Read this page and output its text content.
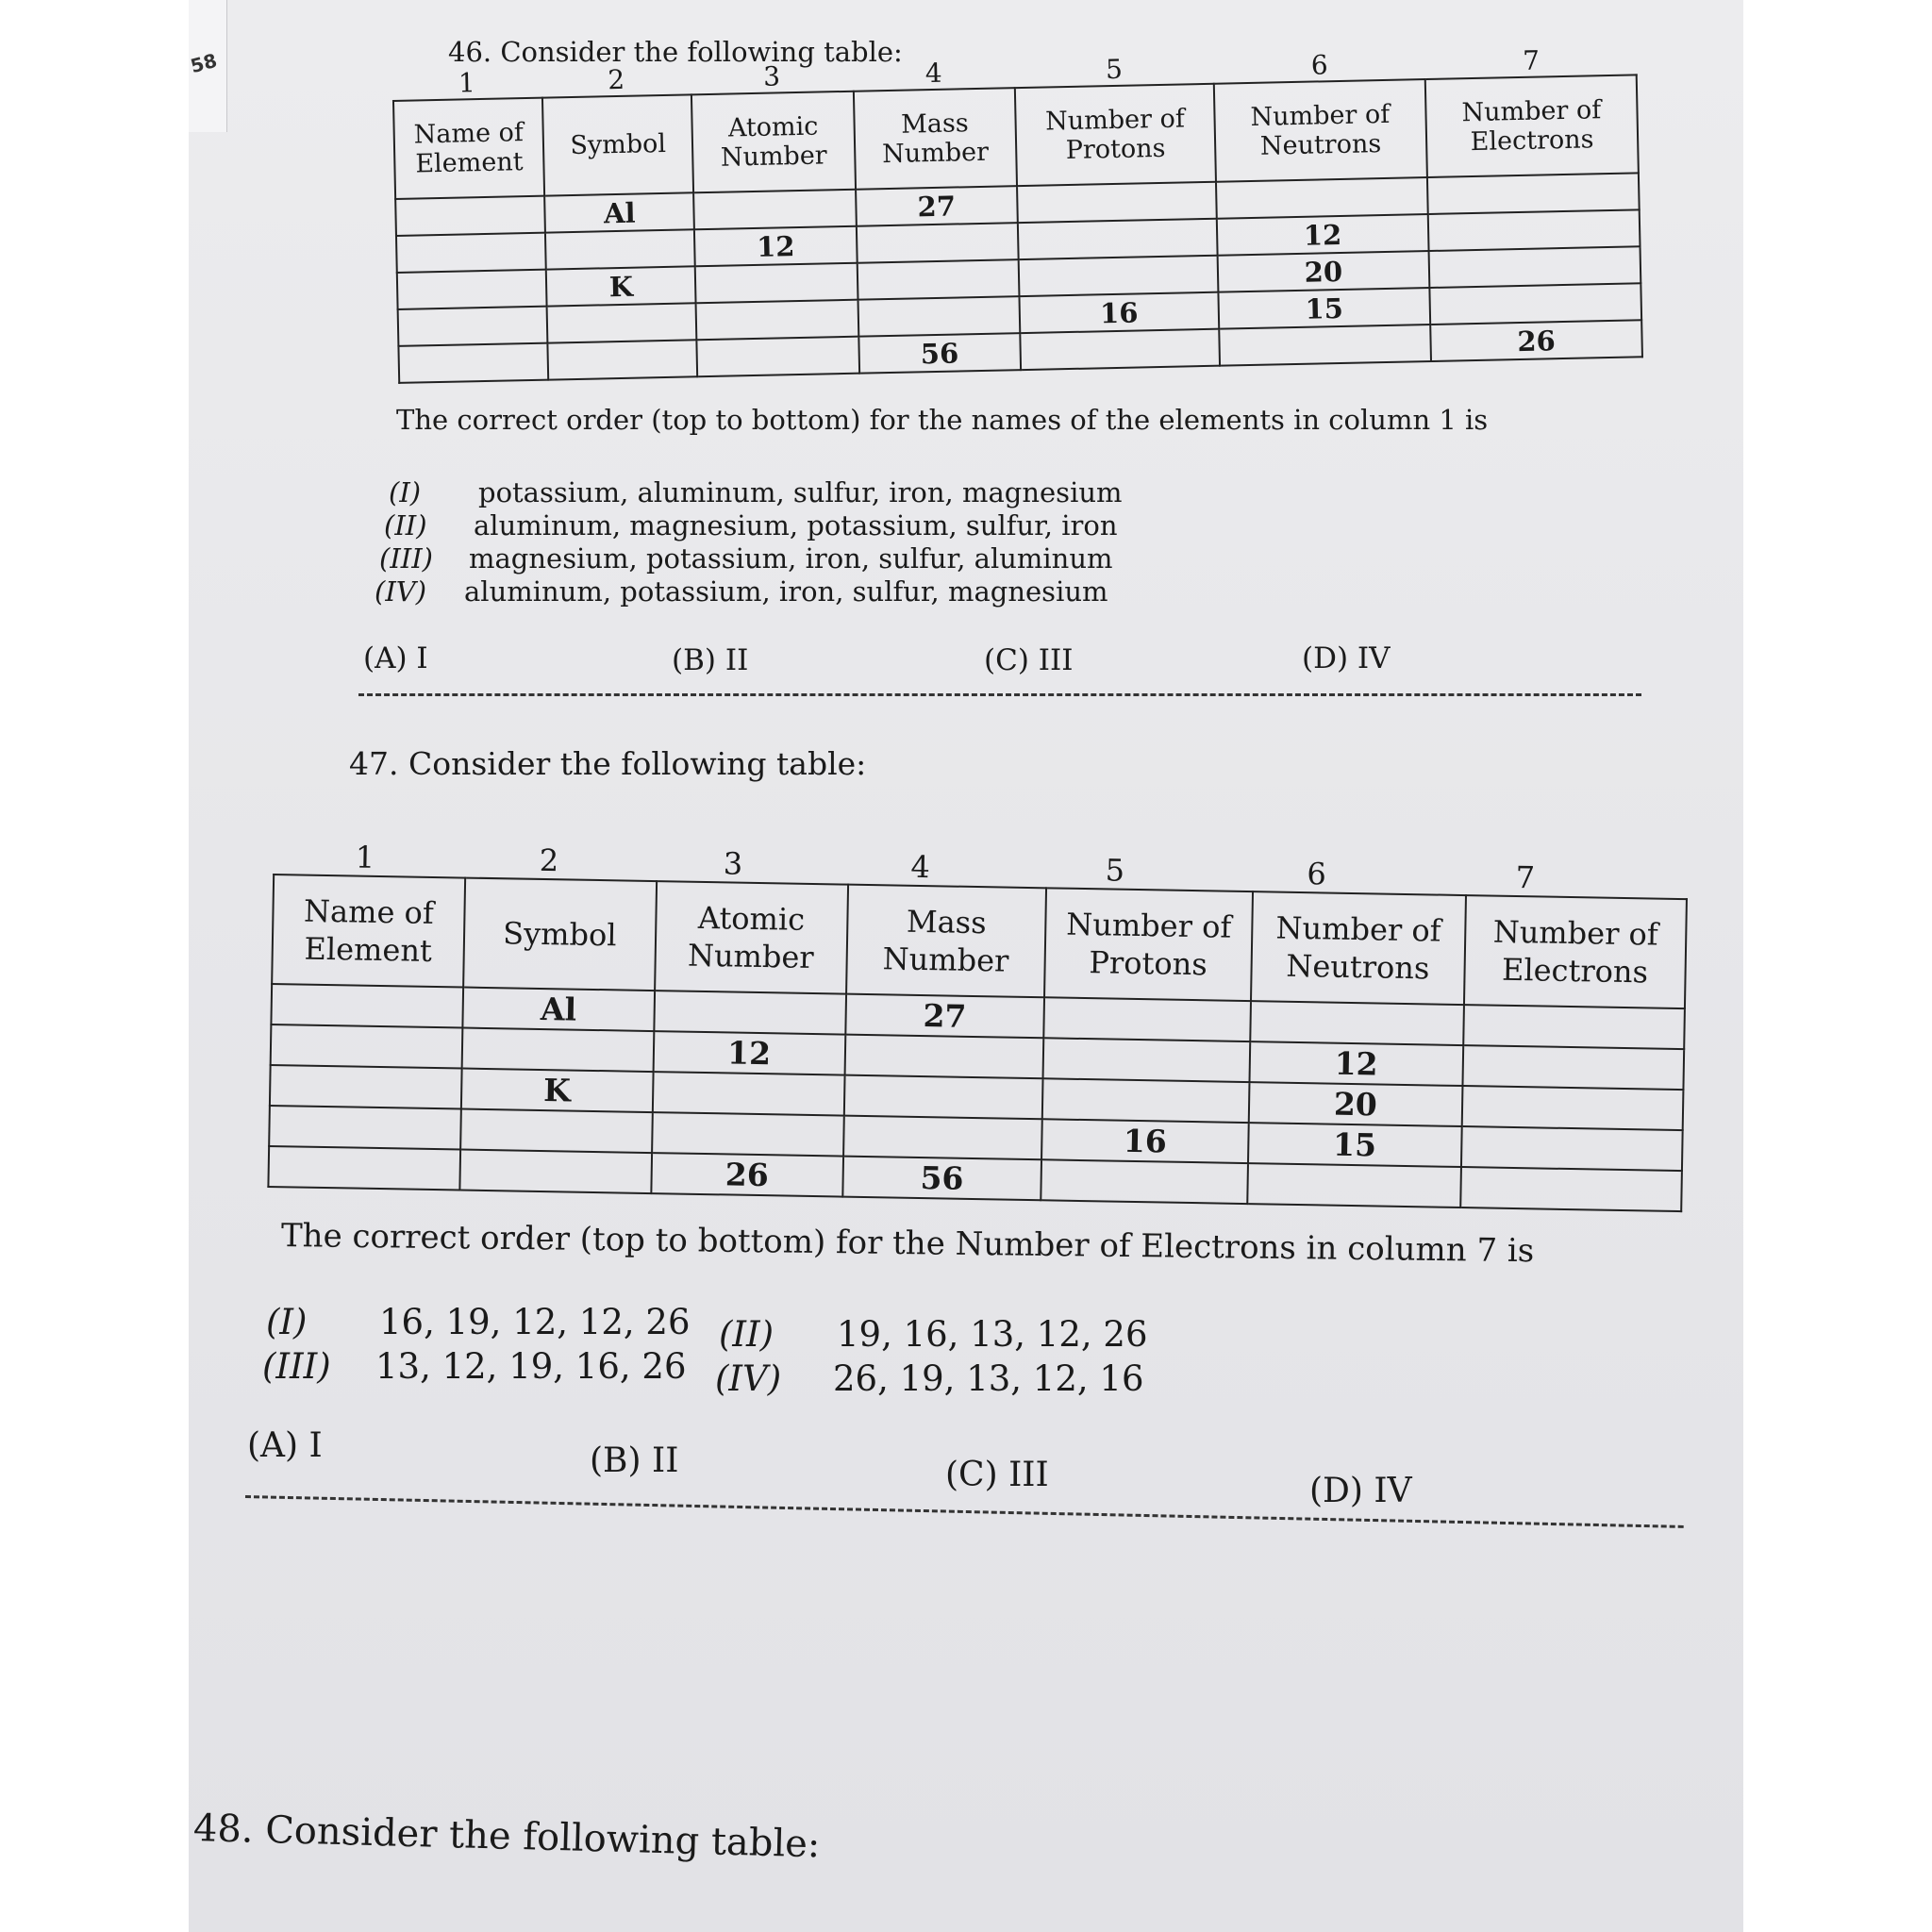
58	46. Consider the following table:
1	2	3	4	5	6	7
Name of Element	Symbol	Atomic Number	Mass Number	Number of Protons	Number of Neutrons	Number of Electrons
	Al		27			
		12			12	
	K				20	
				16	15	
			56			26
The correct order (top to bottom) for the names of the elements in column 1 is
(I) potassium, aluminum, sulfur, iron, magnesium
(II) aluminum, magnesium, potassium, sulfur, iron
(III) magnesium, potassium, iron, sulfur, aluminum
(IV) aluminum, potassium, iron, sulfur, magnesium
(A) I	(B) II	(C) III	(D) IV
47. Consider the following table:
1	2	3	4	5	6	7
Name of Element	Symbol	Atomic Number	Mass Number	Number of Protons	Number of Neutrons	Number of Electrons
	Al		27			
		12			12	
	K				20	
				16	15	
		26	56			
The correct order (top to bottom) for the Number of Electrons in column 7 is
(I) 16, 19, 12, 12, 26 (II) 19, 16, 13, 12, 26
(III) 13, 12, 19, 16, 26 (IV) 26, 19, 13, 12, 16
(A) I	(B) II	(C) III	(D) IV
48. Consider the following table:
